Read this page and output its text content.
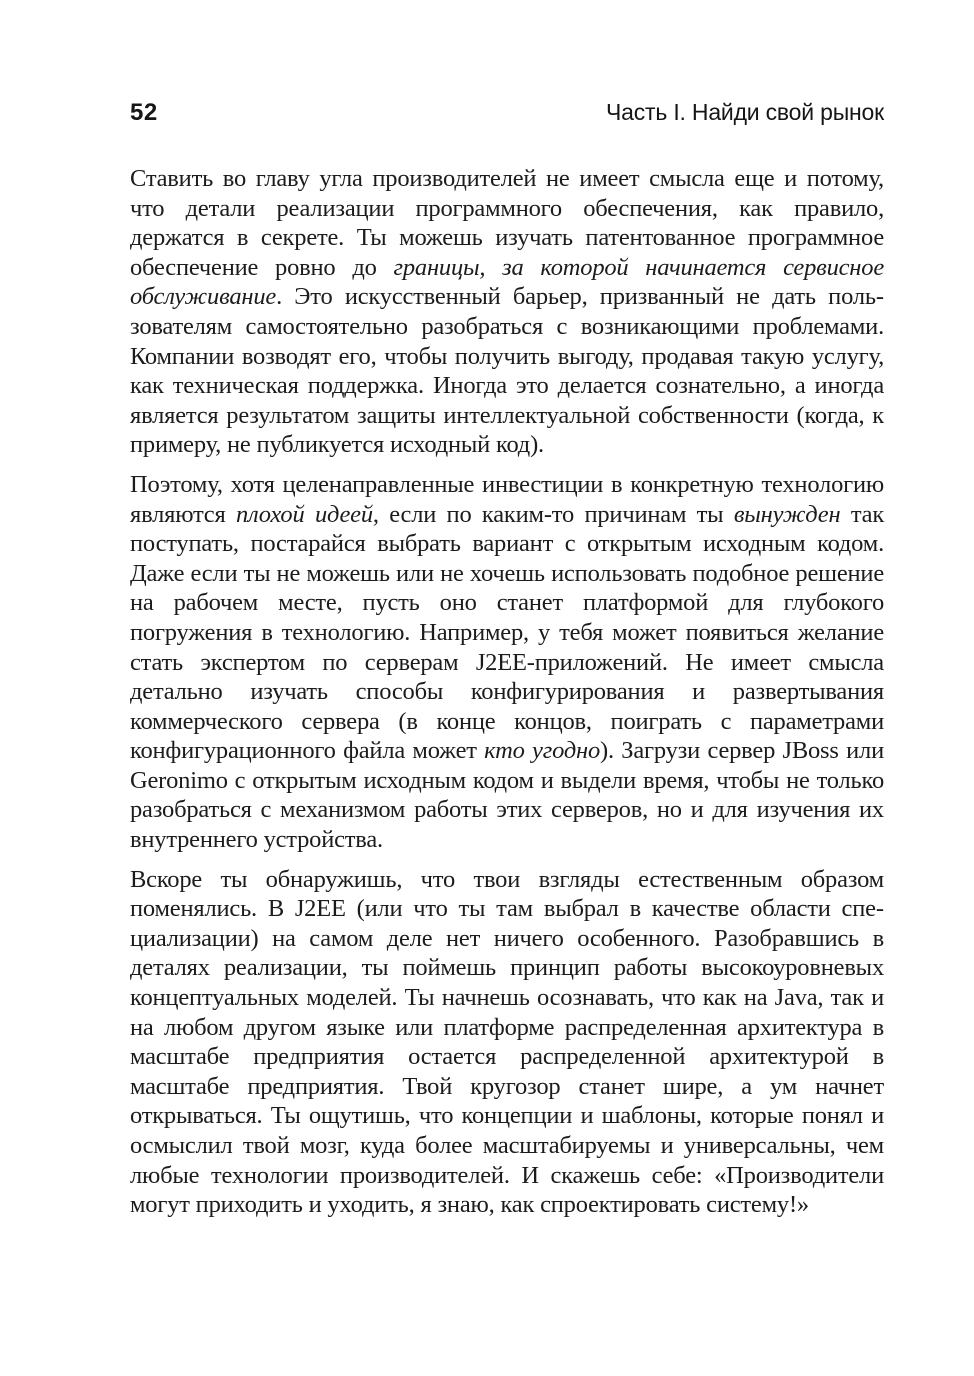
52	Часть I. Найди свой рынок

Ставить во главу угла производителей не имеет смысла еще и потому, что детали реализации программного обеспечения, как правило, держатся в секрете. Ты можешь изучать патентованное программное обеспечение ровно до границы, за которой начинается сервисное обслуживание. Это искусственный барьер, призванный не дать пользователям самостоятельно разобраться с возникающими проблемами. Компании возводят его, чтобы получить выгоду, продавая такую услугу, как техническая поддержка. Иногда это делается сознательно, а иногда является результатом защиты интеллектуальной собственности (когда, к примеру, не публикуется исходный код).

Поэтому, хотя целенаправленные инвестиции в конкретную технологию являются плохой идеей, если по каким-то причинам ты вынужден так поступать, постарайся выбрать вариант с открытым исходным кодом. Даже если ты не можешь или не хочешь использовать подобное решение на рабочем месте, пусть оно станет платформой для глубокого погружения в технологию. Например, у тебя может появиться желание стать экспертом по серверам J2EE-приложений. Не имеет смысла детально изучать способы конфигурирования и развертывания коммерческого сервера (в конце концов, поиграть с параметрами конфигурационного файла может кто угодно). Загрузи сервер JBoss или Geronimo с открытым исходным кодом и выдели время, чтобы не только разобраться с механизмом работы этих серверов, но и для изучения их внутреннего устройства.

Вскоре ты обнаружишь, что твои взгляды естественным образом поменялись. В J2EE (или что ты там выбрал в качестве области специализации) на самом деле нет ничего особенного. Разобравшись в деталях реализации, ты поймешь принцип работы высокоуровневых концептуальных моделей. Ты начнешь осознавать, что как на Java, так и на любом другом языке или платформе распределенная архитектура в масштабе предприятия остается распределенной архитектурой в масштабе предприятия. Твой кругозор станет шире, а ум начнет открываться. Ты ощутишь, что концепции и шаблоны, которые понял и осмыслил твой мозг, куда более масштабируемы и универсальны, чем любые технологии производителей. И скажешь себе: «Производители могут приходить и уходить, я знаю, как спроектировать систему!»
